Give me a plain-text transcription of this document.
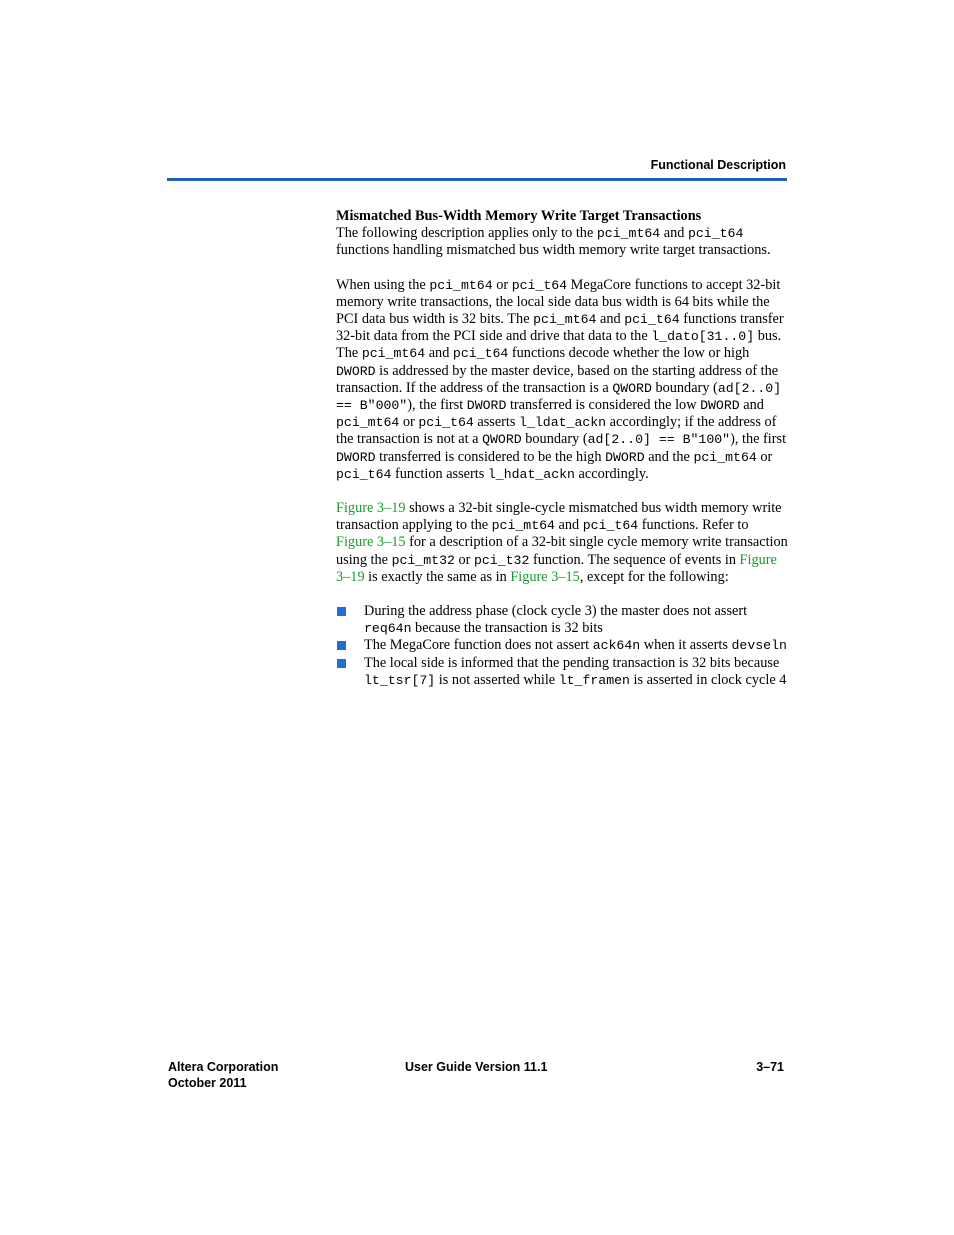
Functional Description
Mismatched Bus-Width Memory Write Target Transactions

The following description applies only to the pci_mt64 and pci_t64 functions handling mismatched bus width memory write target transactions.

When using the pci_mt64 or pci_t64 MegaCore functions to accept 32-bit memory write transactions, the local side data bus width is 64 bits while the PCI data bus width is 32 bits. The pci_mt64 and pci_t64 functions transfer 32-bit data from the PCI side and drive that data to the l_dato[31..0] bus. The pci_mt64 and pci_t64 functions decode whether the low or high DWORD is addressed by the master device, based on the starting address of the transaction. If the address of the transaction is a QWORD boundary (ad[2..0] == B"000"), the first DWORD transferred is considered the low DWORD and pci_mt64 or pci_t64 asserts l_ldat_ackn accordingly; if the address of the transaction is not at a QWORD boundary (ad[2..0] == B"100"), the first DWORD transferred is considered to be the high DWORD and the pci_mt64 or pci_t64 function asserts l_hdat_ackn accordingly.

Figure 3–19 shows a 32-bit single-cycle mismatched bus width memory write transaction applying to the pci_mt64 and pci_t64 functions. Refer to Figure 3–15 for a description of a 32-bit single cycle memory write transaction using the pci_mt32 or pci_t32 function. The sequence of events in Figure 3–19 is exactly the same as in Figure 3–15, except for the following:

During the address phase (clock cycle 3) the master does not assert req64n because the transaction is 32 bits
The MegaCore function does not assert ack64n when it asserts devseln
The local side is informed that the pending transaction is 32 bits because lt_tsr[7] is not asserted while lt_framen is asserted in clock cycle 4
Altera Corporation
October 2011
User Guide Version 11.1	3–71
